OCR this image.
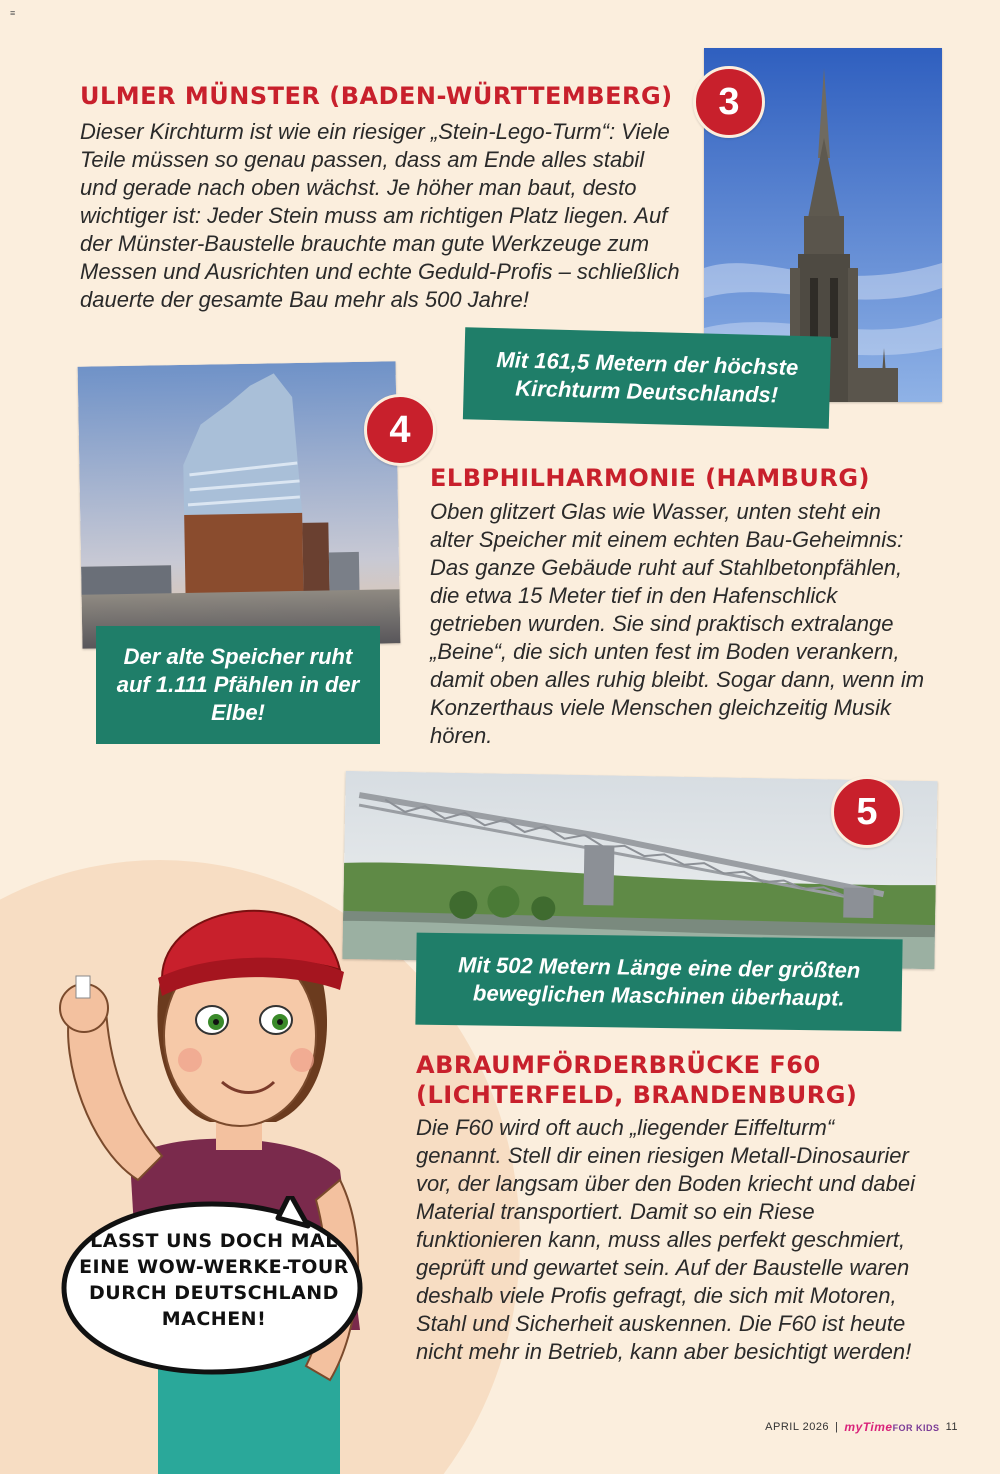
≡
ULMER MÜNSTER (BADEN-WÜRTTEMBERG)

Dieser Kirchturm ist wie ein riesiger „Stein-Lego-Turm“: Viele Teile müssen so genau passen, dass am Ende alles stabil und gerade nach oben wächst. Je höher man baut, desto wichtiger ist: Jeder Stein muss am richtigen Platz liegen. Auf der Münster-Baustelle brauchte man gute Werkzeuge zum Messen und Ausrichten und echte Geduld-Profis – schließlich dauerte der gesamte Bau mehr als 500 Jahre!

3
Mit 161,5 Metern der höchste Kirchturm Deutschlands!
4
Der alte Speicher ruht auf 1.111 Pfählen in der Elbe!
ELBPHILHARMONIE (HAMBURG)

Oben glitzert Glas wie Wasser, unten steht ein alter Speicher mit einem echten Bau-Geheimnis: Das ganze Gebäude ruht auf Stahlbetonpfählen, die etwa 15 Meter tief in den Hafenschlick getrieben wurden. Sie sind praktisch extralange „Beine“, die sich unten fest im Boden verankern, damit oben alles ruhig bleibt. Sogar dann, wenn im Konzerthaus viele Menschen gleichzeitig Musik hören.

5
Mit 502 Metern Länge eine der größten beweglichen Maschinen überhaupt.
ABRAUMFÖRDERBRÜCKE F60 (LICHTERFELD, BRANDENBURG)

Die F60 wird oft auch „liegender Eiffelturm“ genannt. Stell dir einen riesigen Metall-Dinosaurier vor, der langsam über den Boden kriecht und dabei Material transportiert. Damit so ein Riese funktionieren kann, muss alles perfekt geschmiert, geprüft und gewartet sein. Auf der Baustelle waren deshalb viele Profis gefragt, die sich mit Motoren, Stahl und Sicherheit auskennen. Die F60 ist heute nicht mehr in Betrieb, kann aber besichtigt werden!

LASST UNS DOCH MAL EINE WOW-WERKE-TOUR DURCH DEUTSCHLAND MACHEN!
APRIL 2026 | myTimeFOR KIDS 11
